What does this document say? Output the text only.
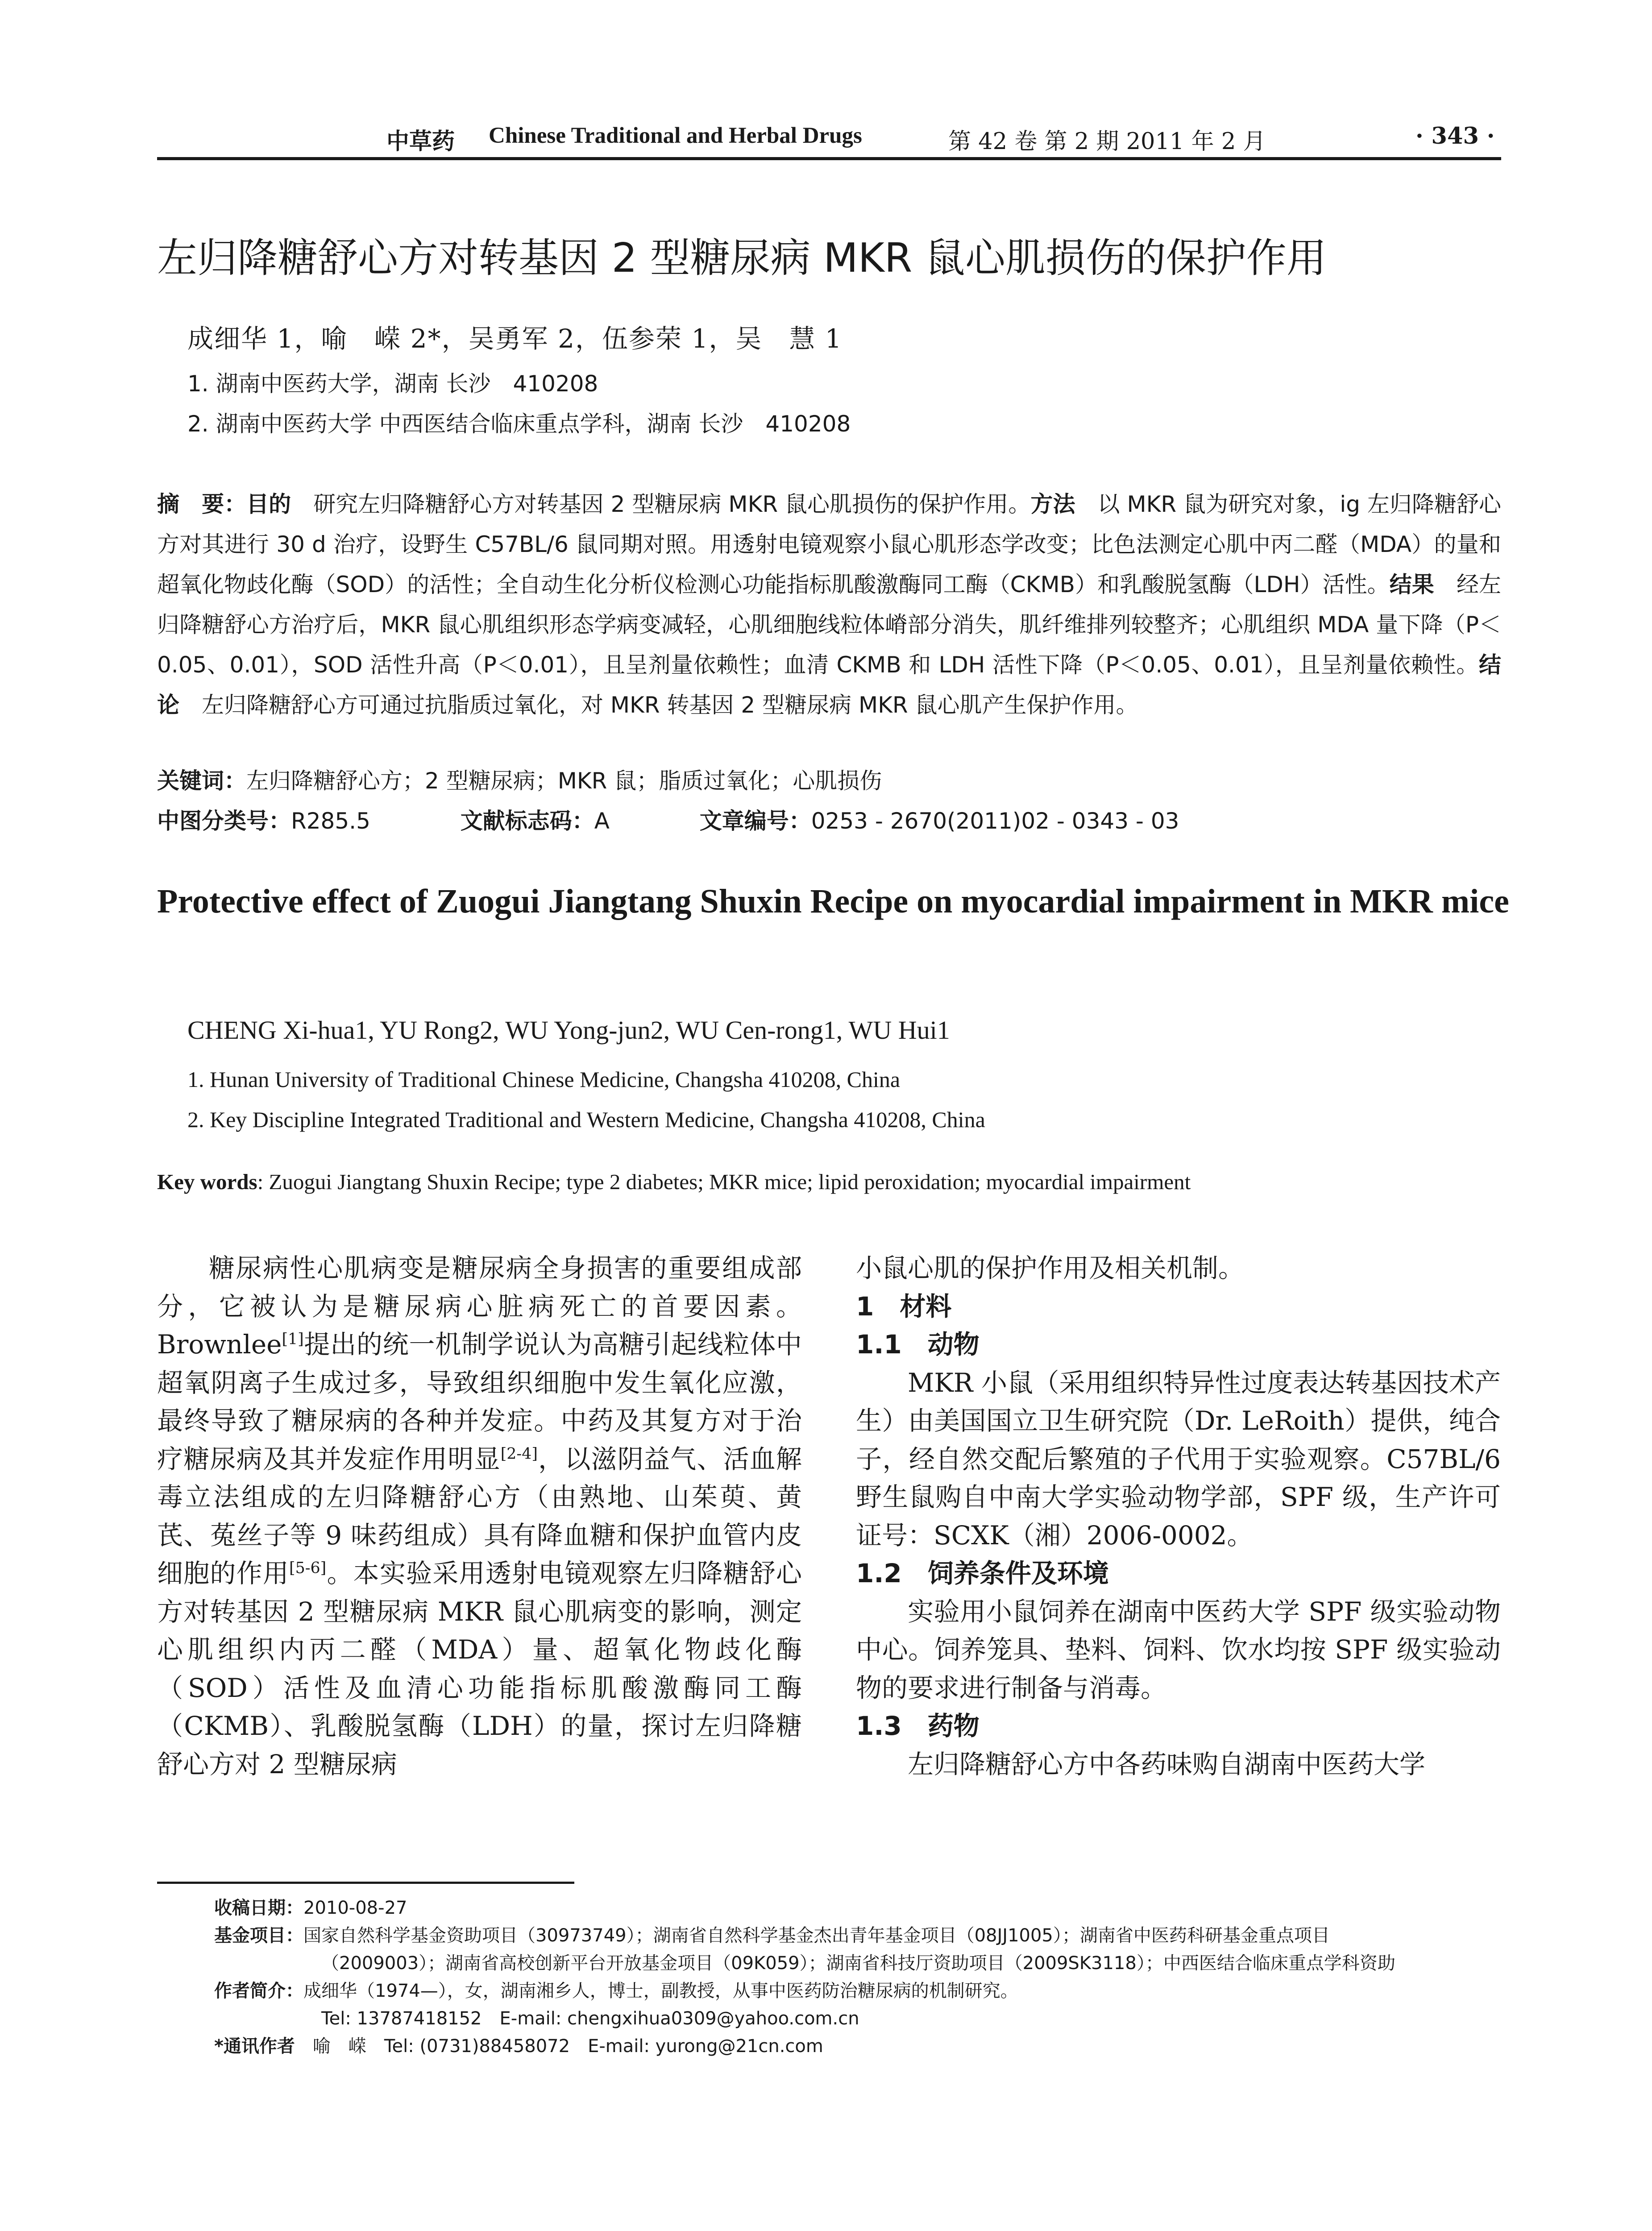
中草药 Chinese Traditional and Herbal Drugs	第 42 卷 第 2 期 2011 年 2 月	· 343 ·
左归降糖舒心方对转基因 2 型糖尿病 MKR 鼠心肌损伤的保护作用
成细华 1，喻　嵘 2*，吴勇军 2，伍参荣 1，吴　慧 1
1. 湖南中医药大学，湖南 长沙　410208
2. 湖南中医药大学 中西医结合临床重点学科，湖南 长沙　410208
摘　要：目的　 研究左归降糖舒心方对转基因 2 型糖尿病 MKR 鼠心肌损伤的保护作用。方法　 以 MKR 鼠为研究对象，ig 左归降糖舒心方对其进行 30 d 治疗，设野生 C57BL/6 鼠同期对照。用透射电镜观察小鼠心肌形态学改变；比色法测定心肌中丙二醛（MDA）的量和超氧化物歧化酶（SOD）的活性；全自动生化分析仪检测心功能指标肌酸激酶同工酶（CKMB）和乳酸脱氢酶（LDH）活性。结果　 经左归降糖舒心方治疗后，MKR 鼠心肌组织形态学病变减轻，心肌细胞线粒体嵴部分消失，肌纤维排列较整齐；心肌组织 MDA 量下降（P＜0.05、0.01），SOD 活性升高（P＜0.01），且呈剂量依赖性；血清 CKMB 和 LDH 活性下降（P＜0.05、0.01），且呈剂量依赖性。结论　 左归降糖舒心方可通过抗脂质过氧化，对 MKR 转基因 2 型糖尿病 MKR 鼠心肌产生保护作用。
关键词：左归降糖舒心方；2 型糖尿病；MKR 鼠；脂质过氧化；心肌损伤
中图分类号：R285.5	文献标志码：A	文章编号：0253 - 2670(2011)02 - 0343 - 03
Protective effect of Zuogui Jiangtang Shuxin Recipe on myocardial impairment in MKR mice
CHENG Xi-hua1, YU Rong2, WU Yong-jun2, WU Cen-rong1, WU Hui1
1. Hunan University of Traditional Chinese Medicine, Changsha 410208, China
2. Key Discipline Integrated Traditional and Western Medicine, Changsha 410208, China
Key words: Zuogui Jiangtang Shuxin Recipe; type 2 diabetes; MKR mice; lipid peroxidation; myocardial impairment

糖尿病性心肌病变是糖尿病全身损害的重要组成部分，它被认为是糖尿病心脏病死亡的首要因素。Brownlee[1]提出的统一机制学说认为高糖引起线粒体中超氧阴离子生成过多，导致组织细胞中发生氧化应激，最终导致了糖尿病的各种并发症。中药及其复方对于治疗糖尿病及其并发症作用明显[2-4]，以滋阴益气、活血解毒立法组成的左归降糖舒心方（由熟地、山茱萸、黄芪、菟丝子等 9 味药组成）具有降血糖和保护血管内皮细胞的作用[5-6]。本实验采用透射电镜观察左归降糖舒心方对转基因 2 型糖尿病 MKR 鼠心肌病变的影响，测定心肌组织内丙二醛（MDA）量、超氧化物歧化酶（SOD）活性及血清心功能指标肌酸激酶同工酶（CKMB）、乳酸脱氢酶（LDH）的量，探讨左归降糖舒心方对 2 型糖尿病

小鼠心肌的保护作用及相关机制。

1　材料

1.1　动物

MKR 小鼠（采用组织特异性过度表达转基因技术产生）由美国国立卫生研究院（Dr. LeRoith）提供，纯合子，经自然交配后繁殖的子代用于实验观察。C57BL/6 野生鼠购自中南大学实验动物学部，SPF 级，生产许可证号：SCXK（湘）2006-0002。

1.2　饲养条件及环境

实验用小鼠饲养在湖南中医药大学 SPF 级实验动物中心。饲养笼具、垫料、饲料、饮水均按 SPF 级实验动物的要求进行制备与消毒。

1.3　药物

左归降糖舒心方中各药味购自湖南中医药大学

收稿日期：2010-08-27
基金项目：国家自然科学基金资助项目（30973749）；湖南省自然科学基金杰出青年基金项目（08JJ1005）；湖南省中医药科研基金重点项目
（2009003）；湖南省高校创新平台开放基金项目（09K059）；湖南省科技厅资助项目（2009SK3118）；中西医结合临床重点学科资助
作者简介：成细华（1974—），女，湖南湘乡人，博士，副教授，从事中医药防治糖尿病的机制研究。
Tel: 13787418152　E-mail: chengxihua0309@yahoo.com.cn
*通讯作者　 喻　嵘　Tel: (0731)88458072　E-mail: yurong@21cn.com
